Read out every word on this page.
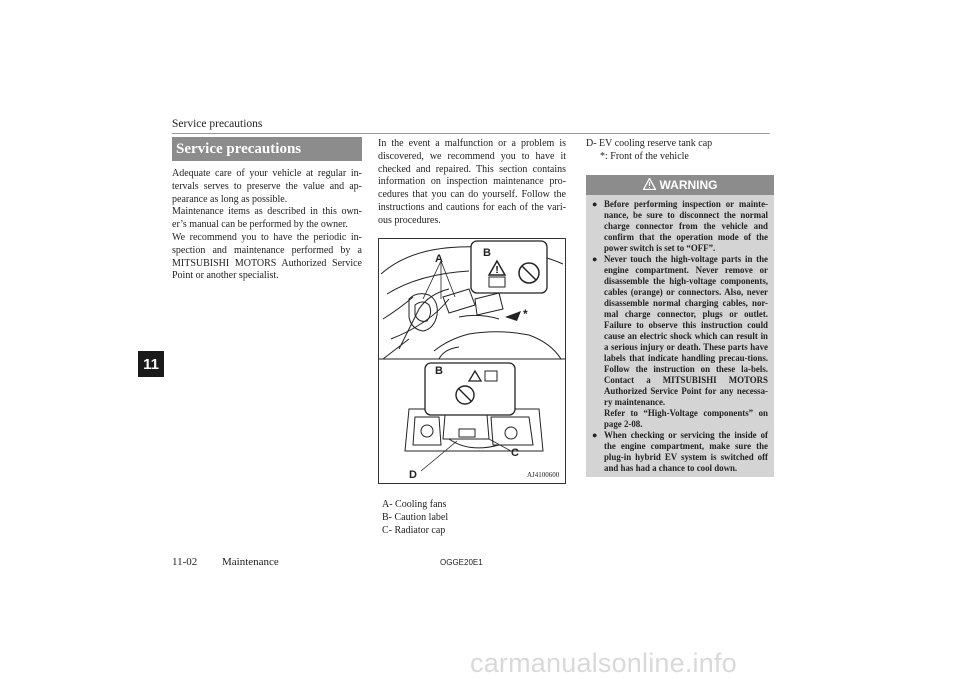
Service precautions
11
Service precautions

Adequate care of your vehicle at regular in-tervals serves to preserve the value and ap-pearance as long as possible.

Maintenance items as described in this own-er’s manual can be performed by the owner.

We recommend you to have the periodic in-spection and maintenance performed by a MITSUBISHI MOTORS Authorized Service Point or another specialist.

In the event a malfunction or a problem is discovered, we recommend you to have it checked and repaired. This section contains information on inspection maintenance pro-cedures that you can do yourself. Follow the instructions and cautions for each of the vari-ous procedures.

!
A	B
*
B
C
D	AJ4100600
A- Cooling fans
B- Caution label
C- Radiator cap
D- EV cooling reserve tank cap
*: Front of the vehicle
WARNING

●
Before performing inspection or mainte-nance, be sure to disconnect the normal charge connector from the vehicle and confirm that the operation mode of the power switch is set to “OFF”.

●
Never touch the high-voltage parts in the engine compartment. Never remove or disassemble the high-voltage components, cables (orange) or connectors. Also, never disassemble normal charging cables, nor-mal charge connector, plugs or outlet. Failure to observe this instruction could cause an electric shock which can result in a serious injury or death. These parts have labels that indicate handling precau-tions. Follow the instruction on these la-bels. Contact a MITSUBISHI MOTORS Authorized Service Point for any necessa-ry maintenance.
Refer to “High-Voltage components” on page 2-08.

●
When checking or servicing the inside of the engine compartment, make sure the plug-in hybrid EV system is switched off and has had a chance to cool down.

11-02 Maintenance	OGGE20E1
carmanualsonline.info
